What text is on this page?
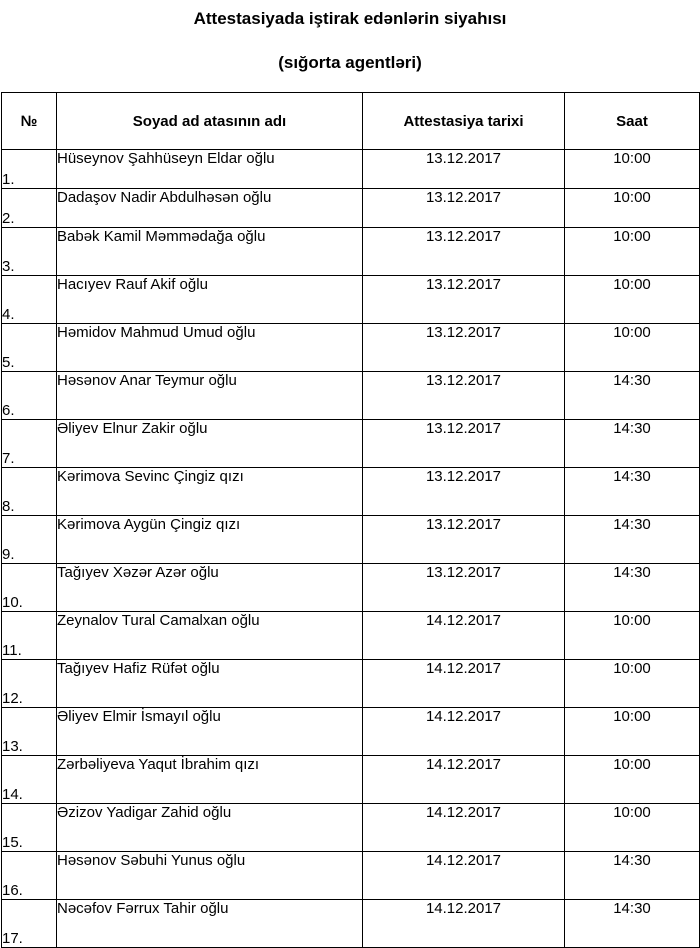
Attestasiyada iştirak edənlərin siyahısı
(sığorta agentləri)
№	Soyad ad atasının adı	Attestasiya tarixi	Saat
1.	Hüseynov Şahhüseyn Eldar oğlu	13.12.2017	10:00
2.	Dadaşov Nadir Abdulhəsən oğlu	13.12.2017	10:00
3.	Babək Kamil Məmmədağa oğlu	13.12.2017	10:00
4.	Hacıyev Rauf Akif oğlu	13.12.2017	10:00
5.	Həmidov Mahmud Umud oğlu	13.12.2017	10:00
6.	Həsənov Anar Teymur oğlu	13.12.2017	14:30
7.	Əliyev Elnur Zakir oğlu	13.12.2017	14:30
8.	Kərimova Sevinc Çingiz qızı	13.12.2017	14:30
9.	Kərimova Aygün Çingiz qızı	13.12.2017	14:30
10.	Tağıyev Xəzər Azər oğlu	13.12.2017	14:30
11.	Zeynalov Tural Camalxan oğlu	14.12.2017	10:00
12.	Tağıyev Hafiz Rüfət oğlu	14.12.2017	10:00
13.	Əliyev Elmir İsmayıl oğlu	14.12.2017	10:00
14.	Zərbəliyeva Yaqut İbrahim qızı	14.12.2017	10:00
15.	Əzizov Yadigar Zahid oğlu	14.12.2017	10:00
16.	Həsənov Səbuhi Yunus oğlu	14.12.2017	14:30
17.	Nəcəfov Fərrux Tahir oğlu	14.12.2017	14:30
